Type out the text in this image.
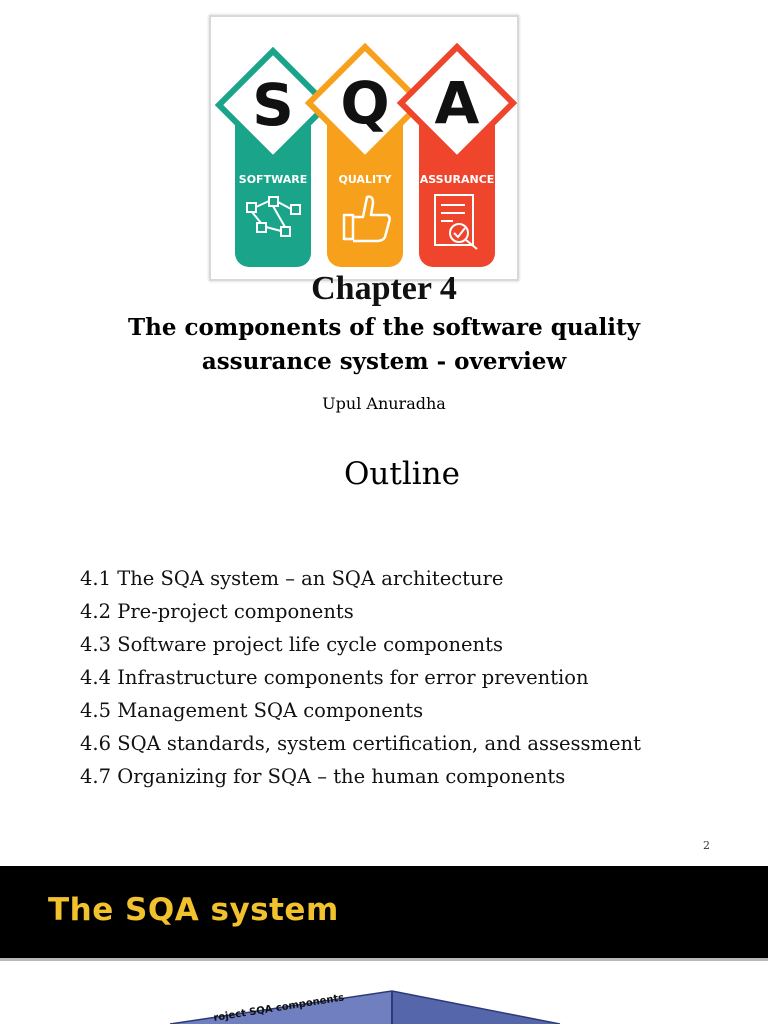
S
SOFTWARE
Q
QUALITY
A
ASSURANCE
Chapter 4
The components of the software quality
assurance system - overview
Upul Anuradha
Outline
4.1 The SQA system – an SQA architecture
4.2 Pre-project components
4.3 Software project life cycle components
4.4 Infrastructure components for error prevention
4.5 Management SQA components
4.6 SQA standards, system certification, and assessment
4.7 Organizing for SQA – the human components
2
The SQA system
roject SQA components
